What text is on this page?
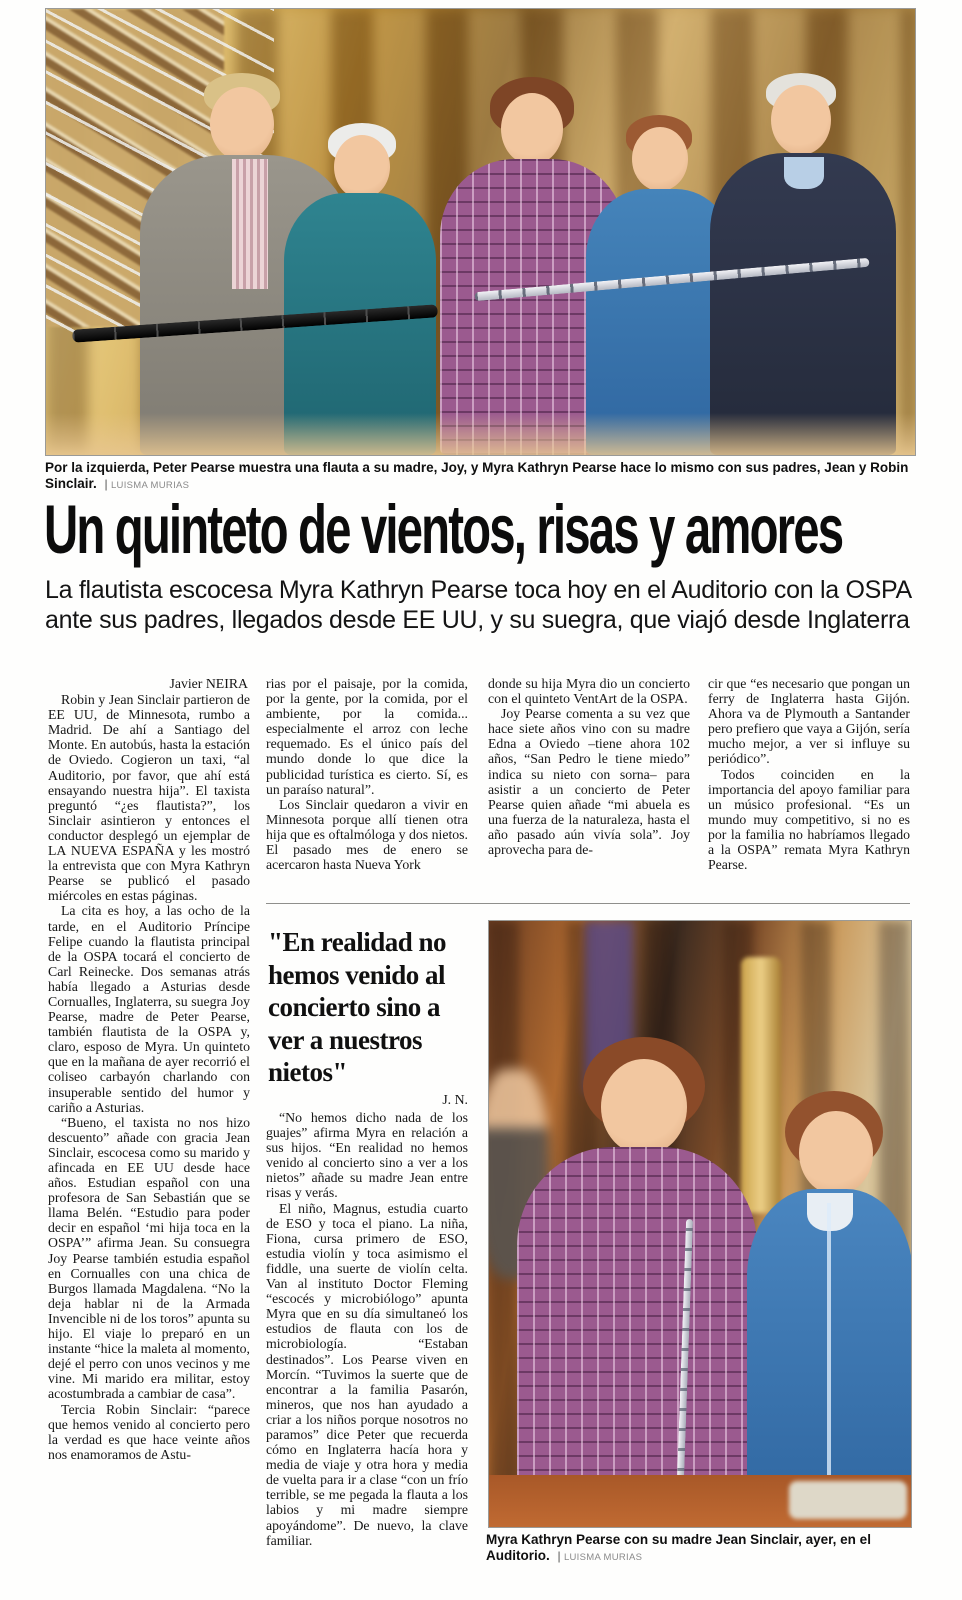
Por la izquierda, Peter Pearse muestra una flauta a su madre, Joy, y Myra Kathryn Pearse hace lo mismo con sus padres, Jean y Robin Sinclair. | LUISMA MURIAS
Un quinteto de vientos, risas y amores
La flautista escocesa Myra Kathryn Pearse toca hoy en el Auditorio con la OSPA ante sus padres, llegados desde EE UU, y su suegra, que viajó desde Inglaterra
Javier NEIRA

Robin y Jean Sinclair partieron de EE UU, de Minnesota, rumbo a Madrid. De ahí a Santiago del Monte. En autobús, hasta la estación de Oviedo. Cogieron un taxi, “al Auditorio, por favor, que ahí está ensayando nuestra hija”. El taxista preguntó “¿es flautista?”, los Sinclair asintieron y entonces el conductor desplegó un ejemplar de LA NUEVA ESPAÑA y les mostró la entrevista que con Myra Kathryn Pearse se publicó el pasado miércoles en estas páginas.

La cita es hoy, a las ocho de la tarde, en el Auditorio Príncipe Felipe cuando la flautista principal de la OSPA tocará el concierto de Carl Reinecke. Dos semanas atrás había llegado a Asturias desde Cornualles, Inglaterra, su suegra Joy Pearse, madre de Peter Pearse, también flautista de la OSPA y, claro, esposo de Myra. Un quinteto que en la mañana de ayer recorrió el coliseo carbayón charlando con insuperable sentido del humor y cariño a Asturias.

“Bueno, el taxista no nos hizo descuento” añade con gracia Jean Sinclair, escocesa como su marido y afincada en EE UU desde hace años. Estudian español con una profesora de San Sebastián que se llama Belén. “Estudio para poder decir en español ‘mi hija toca en la OSPA’” afirma Jean. Su consuegra Joy Pearse también estudia español en Cornualles con una chica de Burgos llamada Magdalena. “No la deja hablar ni de la Armada Invencible ni de los toros” apunta su hijo. El viaje lo preparó en un instante “hice la maleta al momento, dejé el perro con unos vecinos y me vine. Mi marido era militar, estoy acostumbrada a cambiar de casa”.

Tercia Robin Sinclair: “parece que hemos venido al concierto pero la verdad es que hace veinte años nos enamoramos de Astu-

rias por el paisaje, por la comida, por la gente, por la comida, por el ambiente, por la comida... especialmente el arroz con leche requemado. Es el único país del mundo donde lo que dice la publicidad turística es cierto. Sí, es un paraíso natural”.

Los Sinclair quedaron a vivir en Minnesota porque allí tienen otra hija que es oftalmóloga y dos nietos. El pasado mes de enero se acercaron hasta Nueva York

donde su hija Myra dio un concierto con el quinteto VentArt de la OSPA.

Joy Pearse comenta a su vez que hace siete años vino con su madre Edna a Oviedo –tiene ahora 102 años, “San Pedro le tiene miedo” indica su nieto con sorna– para asistir a un concierto de Peter Pearse quien añade “mi abuela es una fuerza de la naturaleza, hasta el año pasado aún vivía sola”. Joy aprovecha para de-

cir que “es necesario que pongan un ferry de Inglaterra hasta Gijón. Ahora va de Plymouth a Santander pero prefiero que vaya a Gijón, sería mucho mejor, a ver si influye su periódico”.

Todos coinciden en la importancia del apoyo familiar para un músico profesional. “Es un mundo muy competitivo, si no es por la familia no habríamos llegado a la OSPA” remata Myra Kathryn Pearse.

"En realidad no hemos venido al concierto sino a ver a nuestros nietos"

J. N.

“No hemos dicho nada de los guajes” afirma Myra en relación a sus hijos. “En realidad no hemos venido al concierto sino a ver a los nietos” añade su madre Jean entre risas y verás.

El niño, Magnus, estudia cuarto de ESO y toca el piano. La niña, Fiona, cursa primero de ESO, estudia violín y toca asimismo el fiddle, una suerte de violín celta. Van al instituto Doctor Fleming “escocés y microbiólogo” apunta Myra que en su día simultaneó los estudios de flauta con los de microbiología. “Estaban destinados”. Los Pearse viven en Morcín. “Tuvimos la suerte que de encontrar a la familia Pasarón, mineros, que nos han ayudado a criar a los niños porque nosotros no paramos” dice Peter que recuerda cómo en Inglaterra hacía hora y media de viaje y otra hora y media de vuelta para ir a clase “con un frío terrible, se me pegada la flauta a los labios y mi madre siempre apoyándome”. De nuevo, la clave familiar.	Myra Kathryn Pearse con su madre Jean Sinclair, ayer, en el Auditorio. | LUISMA MURIAS
